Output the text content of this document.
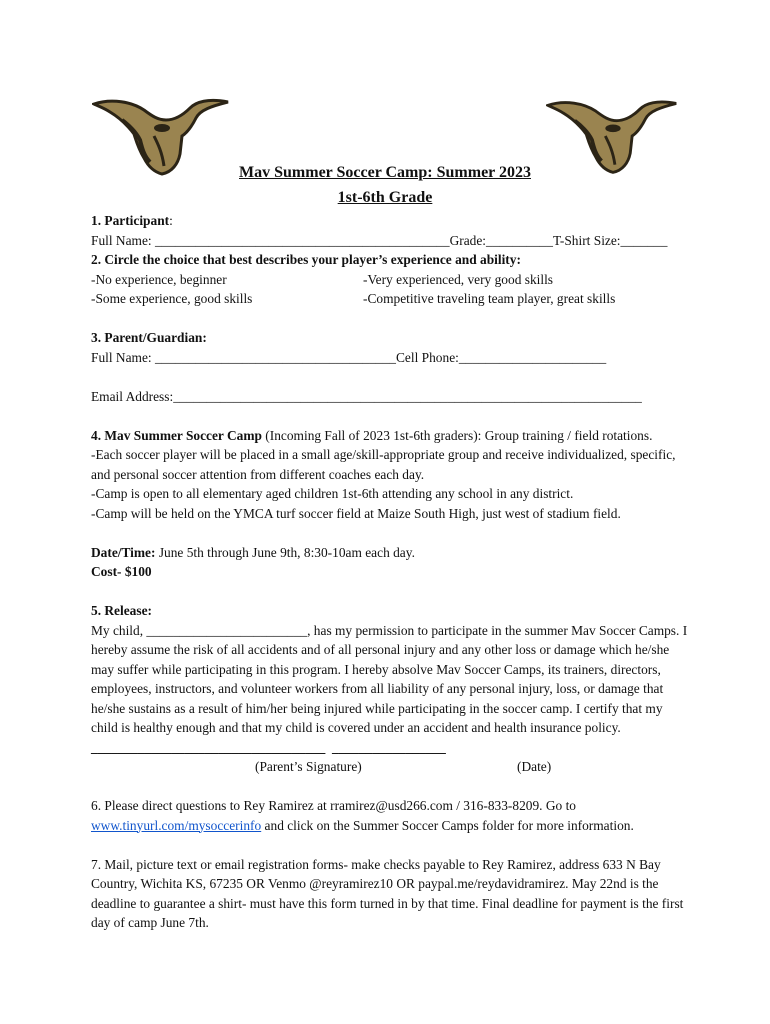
Mav Summer Soccer Camp: Summer 2023
1st-6th Grade

1. Participant:

Full Name: ____________________________________________Grade:__________T-Shirt Size:_______

2. Circle the choice that best describes your player’s experience and ability:

-No experience, beginner	-Very experienced, very good skills
-Some experience, good skills	-Competitive traveling team player, great skills

3. Parent/Guardian:

Full Name: ____________________________________Cell Phone:______________________

Email Address:______________________________________________________________________

4. Mav Summer Soccer Camp (Incoming Fall of 2023 1st-6th graders): Group training / field rotations.

-Each soccer player will be placed in a small age/skill-appropriate group and receive individualized, specific, and personal soccer attention from different coaches each day.

-Camp is open to all elementary aged children 1st-6th attending any school in any district.

-Camp will be held on the YMCA turf soccer field at Maize South High, just west of stadium field.

Date/Time: June 5th through June 9th, 8:30-10am each day.

Cost- $100

5. Release:

My child, ________________________, has my permission to participate in the summer Mav Soccer Camps. I hereby assume the risk of all accidents and of all personal injury and any other loss or damage which he/she may suffer while participating in this program. I hereby absolve Mav Soccer Camps, its trainers, directors, employees, instructors, and volunteer workers from all liability of any personal injury, loss, or damage that he/she sustains as a result of him/her being injured while participating in the soccer camp. I certify that my child is healthy enough and that my child is covered under an accident and health insurance policy. ___________________________________ _________________

(Parent’s Signature)	(Date)

6. Please direct questions to Rey Ramirez at rramirez@usd266.com / 316-833-8209. Go to www.tinyurl.com/mysoccerinfo and click on the Summer Soccer Camps folder for more information.

7. Mail, picture text or email registration forms- make checks payable to Rey Ramirez, address 633 N Bay Country, Wichita KS, 67235 OR Venmo @reyramirez10 OR paypal.me/reydavidramirez. May 22nd is the deadline to guarantee a shirt- must have this form turned in by that time. Final deadline for payment is the first day of camp June 7th.
